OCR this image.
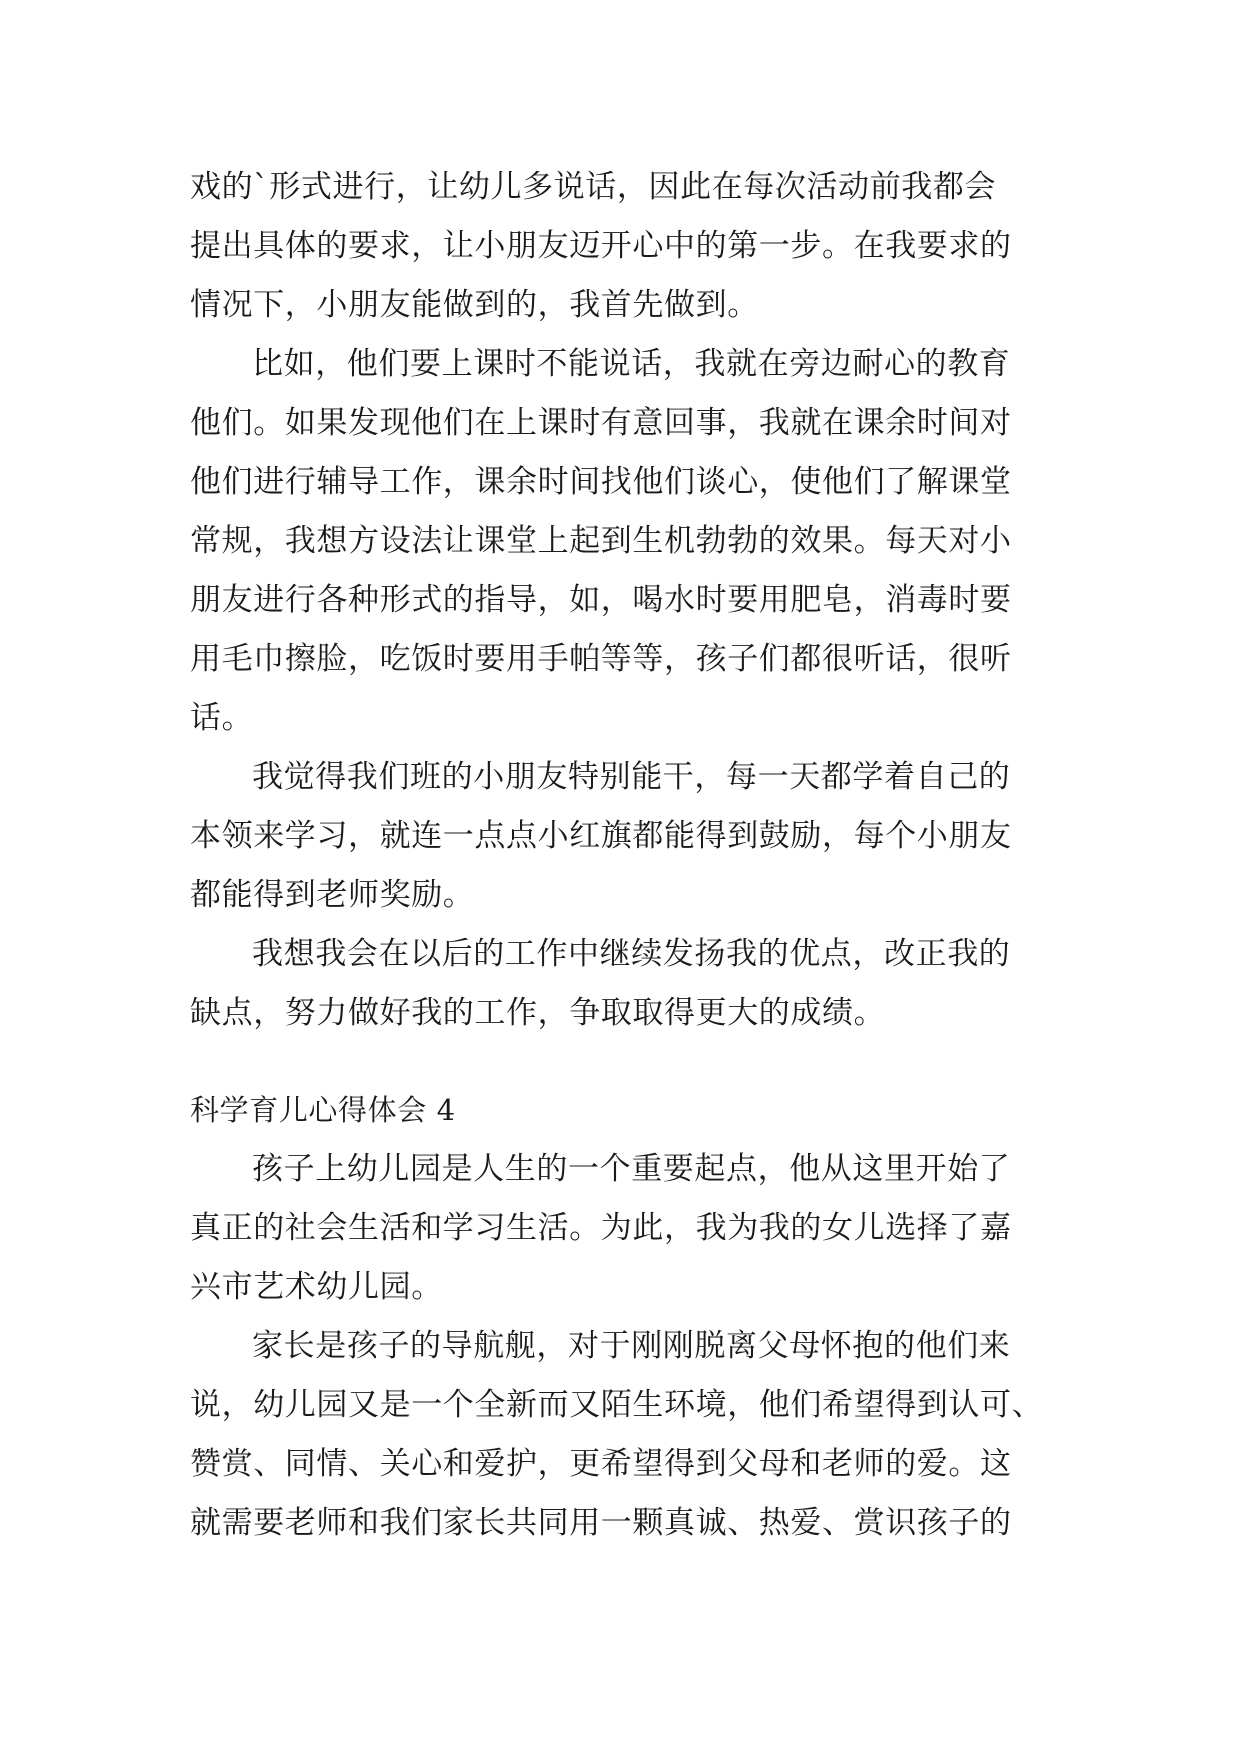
戏的`形式进行，让幼儿多说话，因此在每次活动前我都会
提出具体的要求，让小朋友迈开心中的第一步。在我要求的
情况下，小朋友能做到的，我首先做到。
比如，他们要上课时不能说话，我就在旁边耐心的教育
他们。如果发现他们在上课时有意回事，我就在课余时间对
他们进行辅导工作，课余时间找他们谈心，使他们了解课堂
常规，我想方设法让课堂上起到生机勃勃的效果。每天对小
朋友进行各种形式的指导，如，喝水时要用肥皂，消毒时要
用毛巾擦脸，吃饭时要用手帕等等，孩子们都很听话，很听
话。
我觉得我们班的小朋友特别能干，每一天都学着自己的
本领来学习，就连一点点小红旗都能得到鼓励，每个小朋友
都能得到老师奖励。
我想我会在以后的工作中继续发扬我的优点，改正我的
缺点，努力做好我的工作，争取取得更大的成绩。
科学育儿心得体会 4
孩子上幼儿园是人生的一个重要起点，他从这里开始了
真正的社会生活和学习生活。为此，我为我的女儿选择了嘉
兴市艺术幼儿园。
家长是孩子的导航舰，对于刚刚脱离父母怀抱的他们来
说，幼儿园又是一个全新而又陌生环境，他们希望得到认可、
赞赏、同情、关心和爱护，更希望得到父母和老师的爱。这
就需要老师和我们家长共同用一颗真诚、热爱、赏识孩子的
